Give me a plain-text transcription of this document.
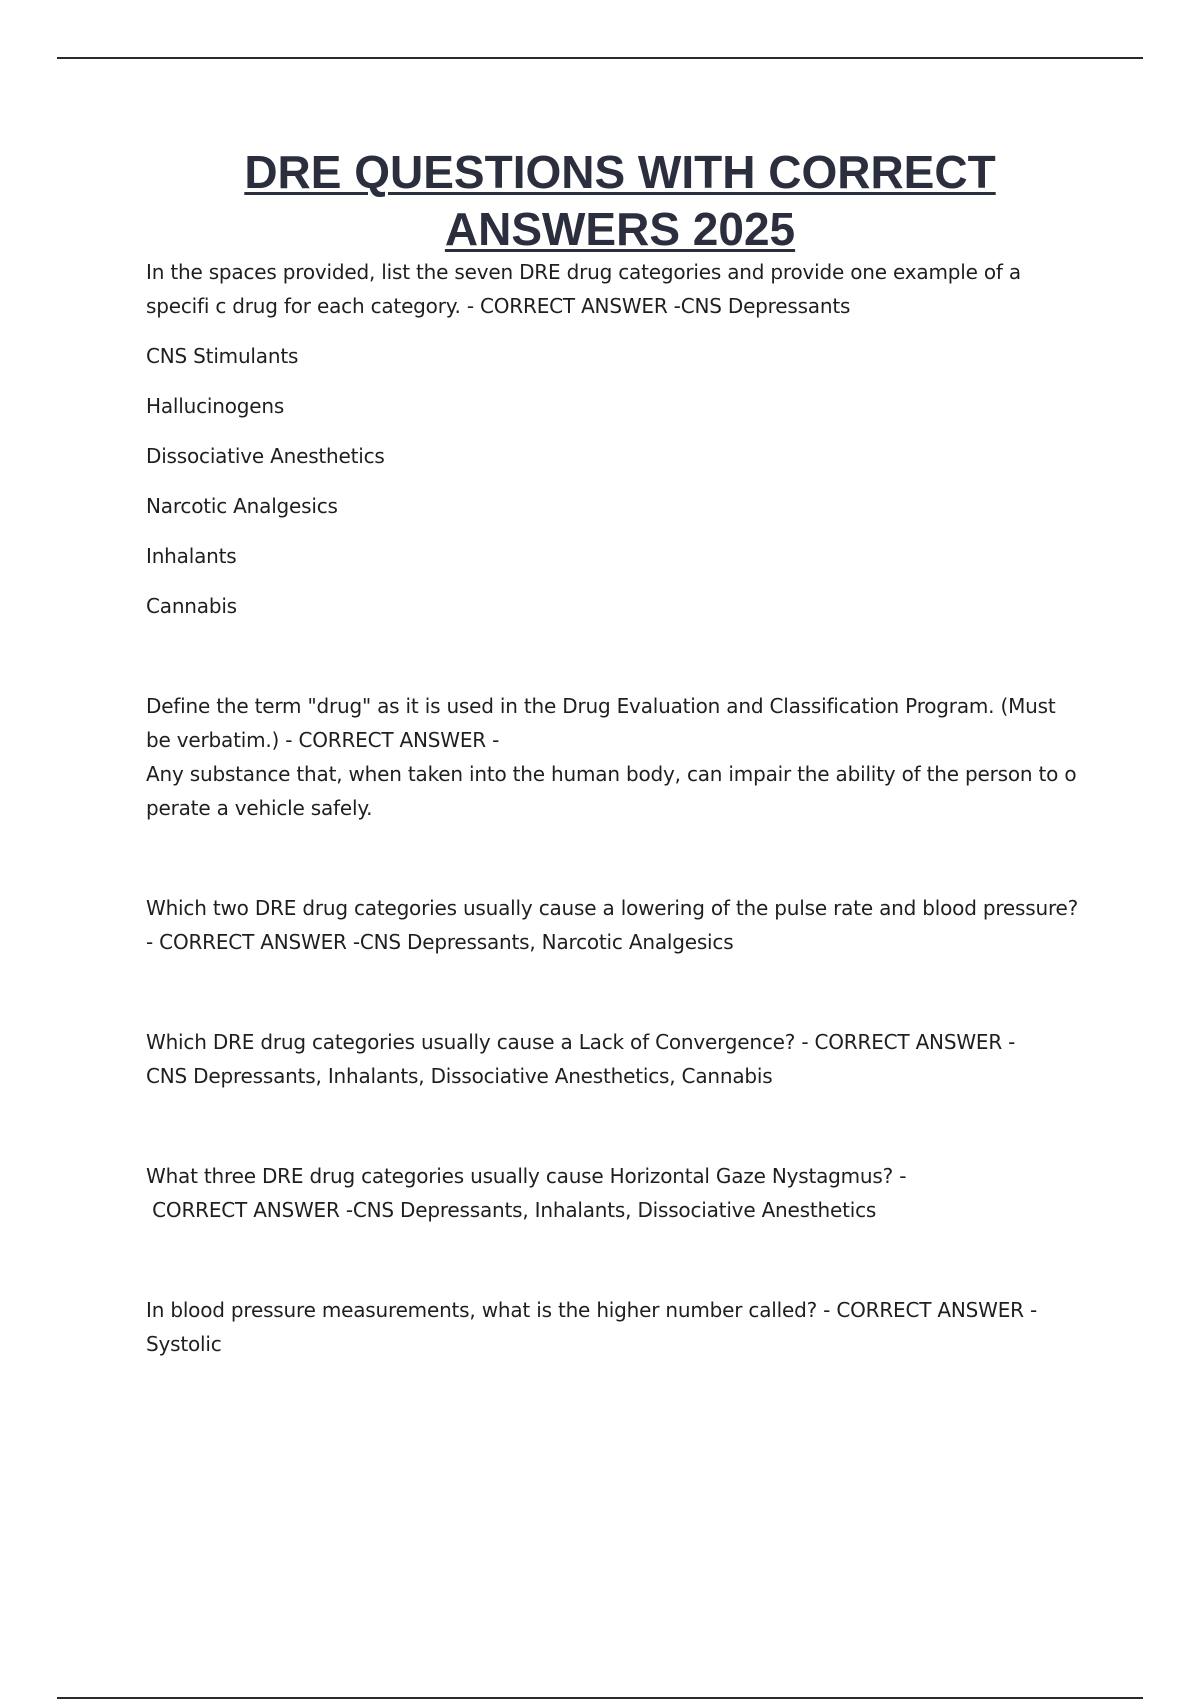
DRE QUESTIONS WITH CORRECT
ANSWERS 2025

In the spaces provided, list the seven DRE drug categories and provide one example of a specifi c drug for each category. - CORRECT ANSWER -CNS Depressants

CNS Stimulants

Hallucinogens

Dissociative Anesthetics

Narcotic Analgesics

Inhalants

Cannabis

Define the term "drug" as it is used in the Drug Evaluation and Classification Program. (Must be verbatim.) - CORRECT ANSWER -

Any substance that, when taken into the human body, can impair the ability of the person to o perate a vehicle safely.

Which two DRE drug categories usually cause a lowering of the pulse rate and blood pressure? - CORRECT ANSWER -CNS Depressants, Narcotic Analgesics

Which DRE drug categories usually cause a Lack of Convergence? - CORRECT ANSWER -

CNS Depressants, Inhalants, Dissociative Anesthetics, Cannabis

What three DRE drug categories usually cause Horizontal Gaze Nystagmus? -

CORRECT ANSWER -CNS Depressants, Inhalants, Dissociative Anesthetics

In blood pressure measurements, what is the higher number called? - CORRECT ANSWER -

Systolic
